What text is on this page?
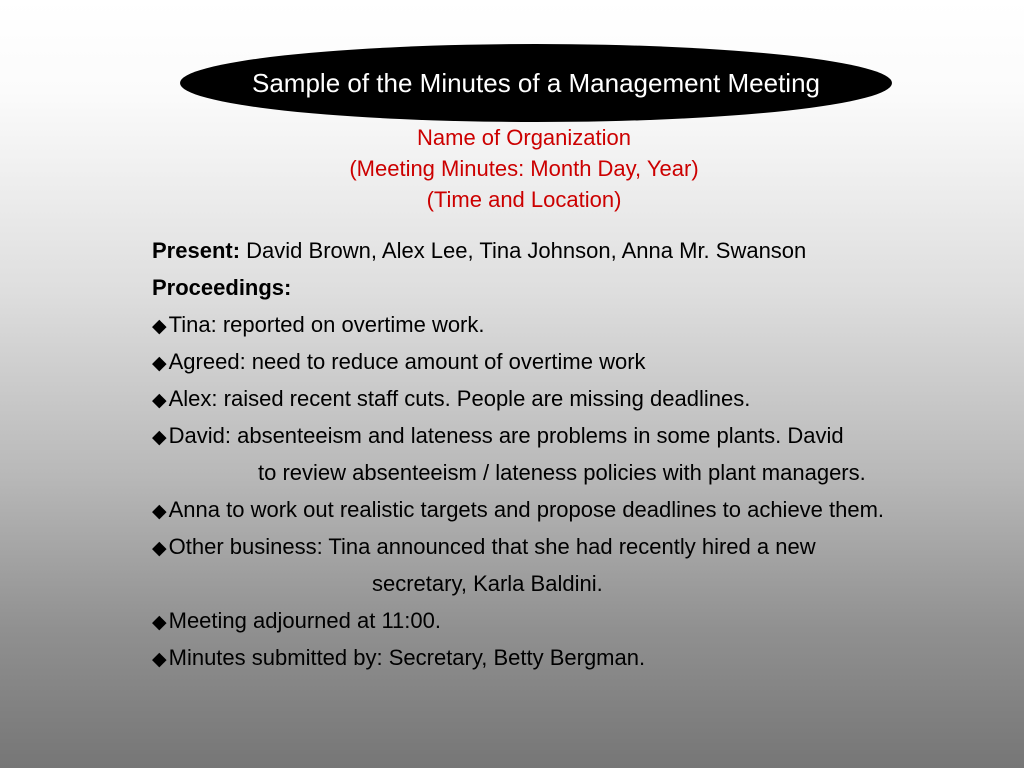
Sample of the Minutes of a Management Meeting
Name of Organization
(Meeting Minutes: Month Day, Year)
(Time and Location)
Present: David Brown, Alex Lee, Tina Johnson, Anna Mr. Swanson
Proceedings:
◆Tina: reported on overtime work.
◆Agreed: need to reduce amount of overtime work
◆Alex: raised recent staff cuts. People are missing deadlines.
◆David: absenteeism and lateness are problems in some plants. David
to review absenteeism / lateness policies with plant managers.
◆Anna to work out realistic targets and propose deadlines to achieve them.
◆Other business: Tina announced that she had recently hired a new
secretary, Karla Baldini.
◆Meeting adjourned at 11:00.
◆Minutes submitted by: Secretary, Betty Bergman.
